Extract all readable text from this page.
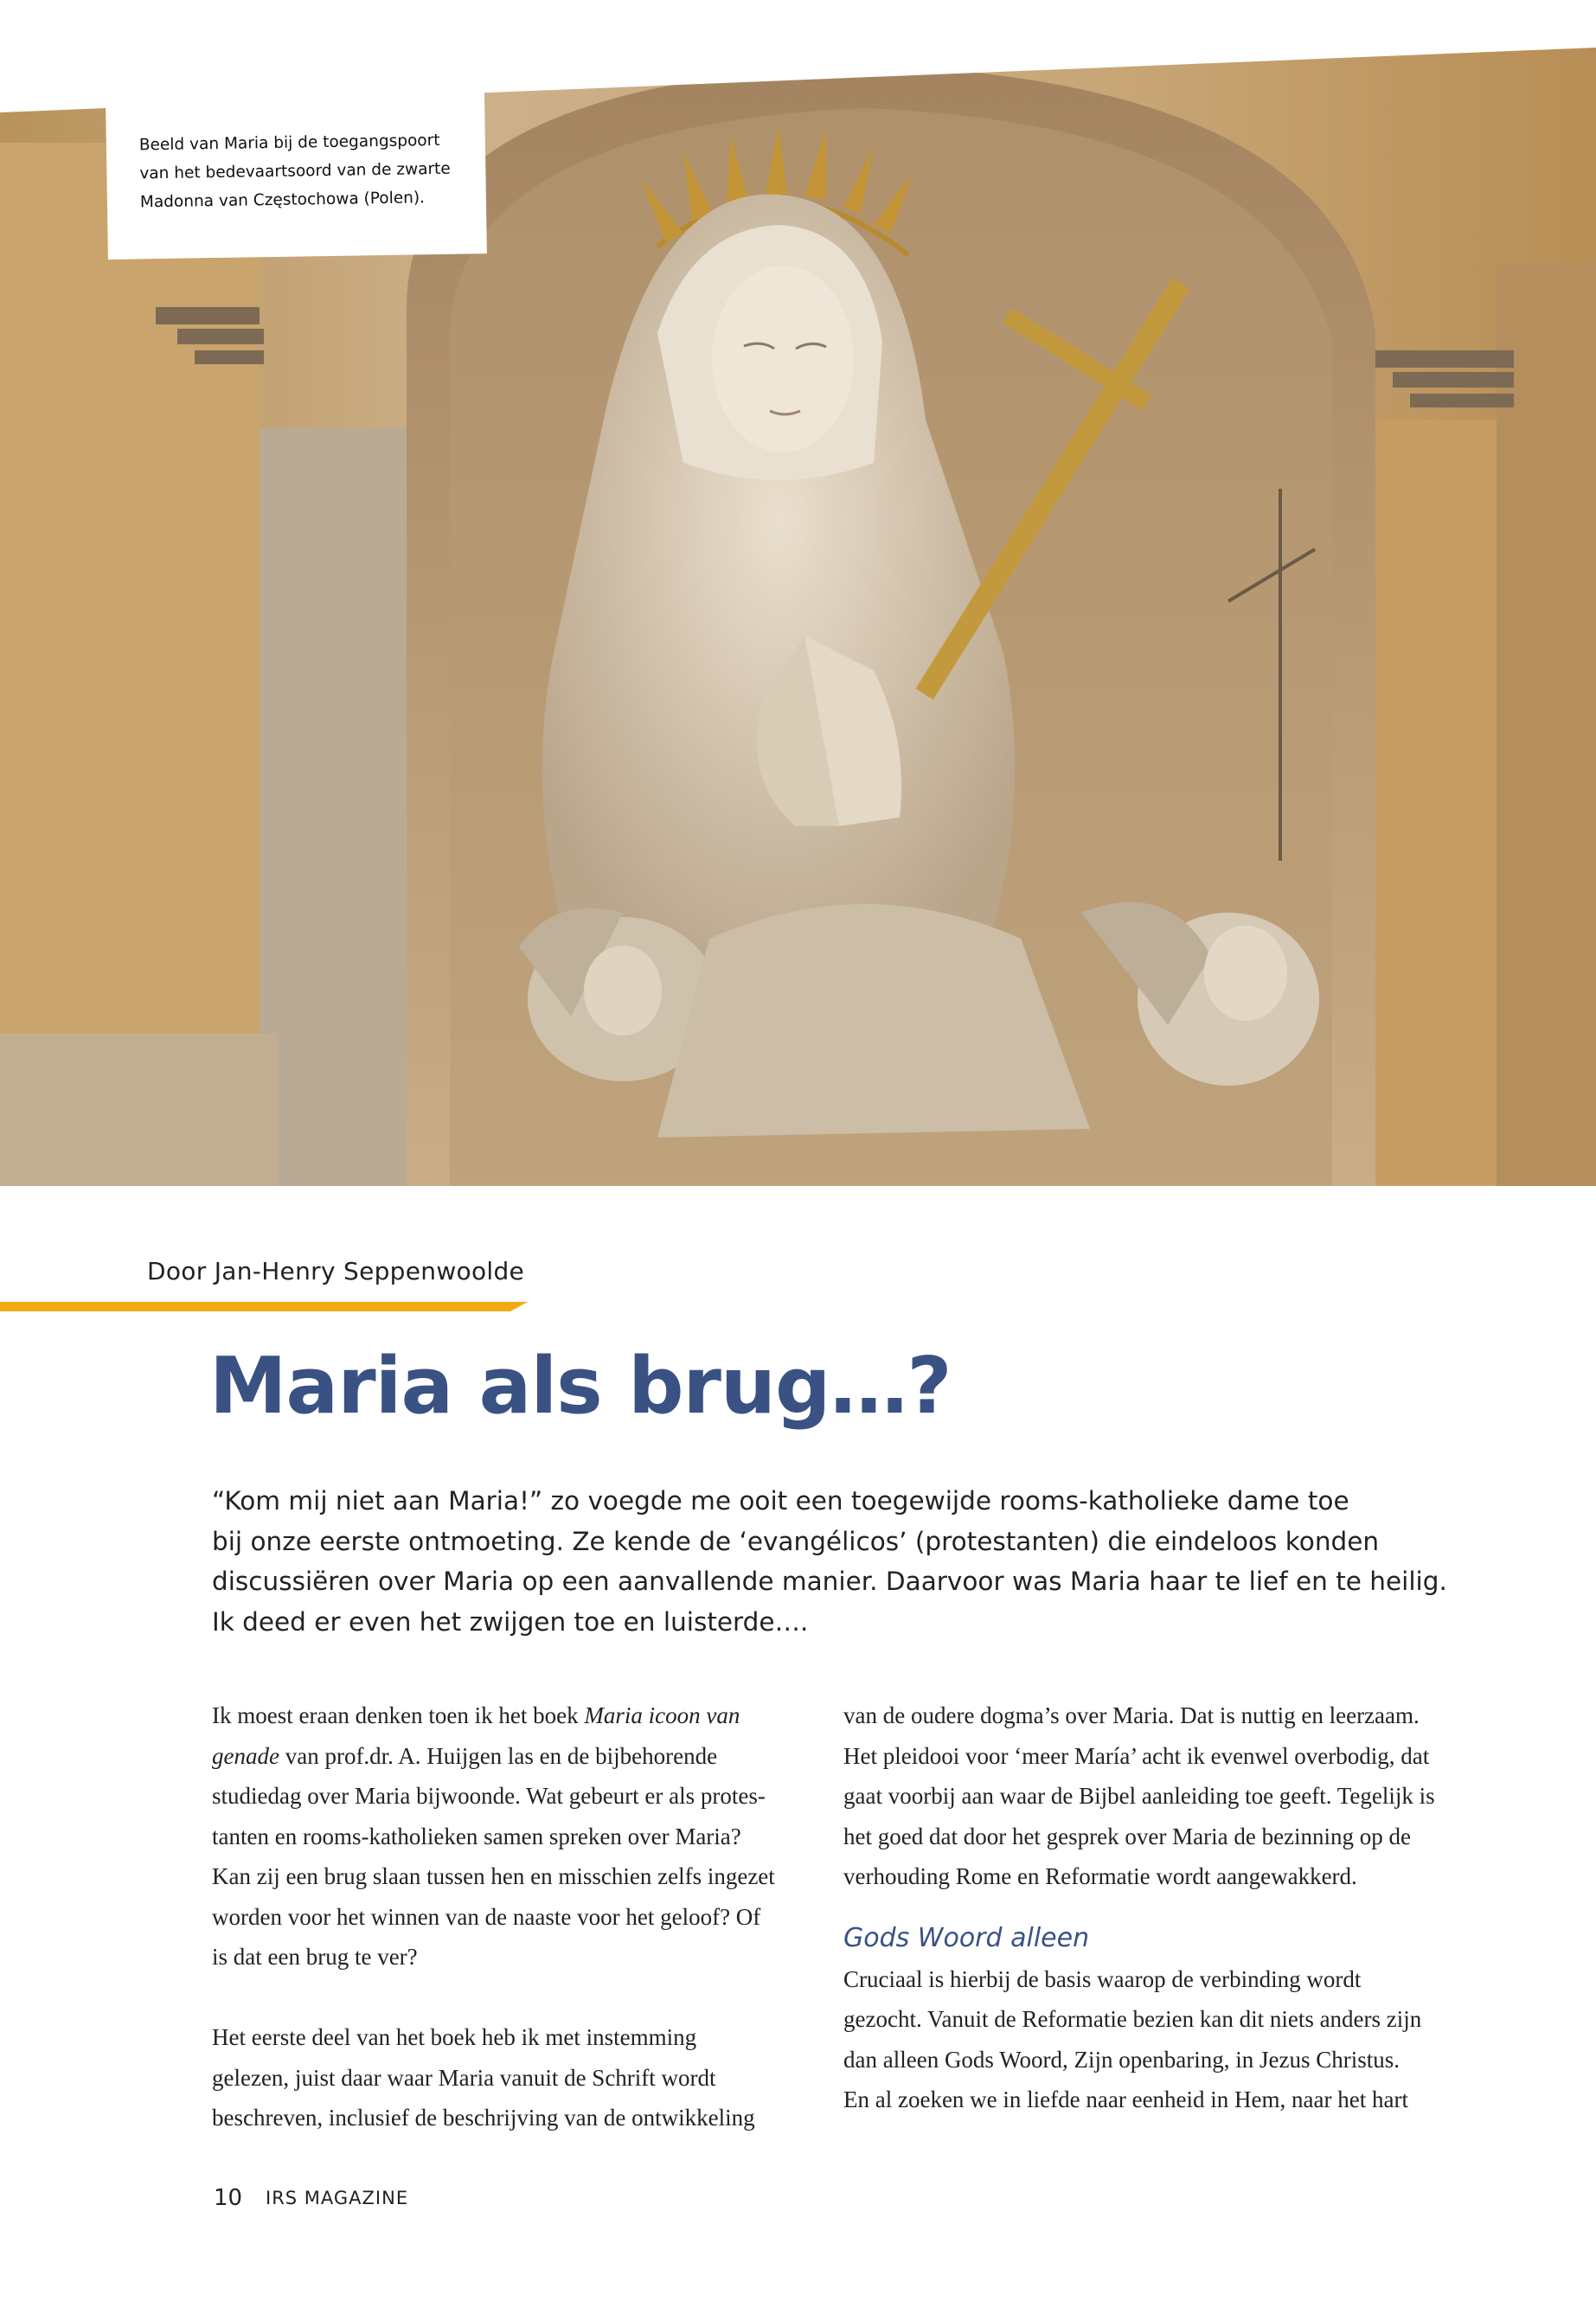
Beeld van Maria bij de toegangspoort
van het bedevaartsoord van de zwarte
Madonna van Częstochowa (Polen).
Door Jan-Henry Seppenwoolde
Maria als brug…?
“Kom mij niet aan Maria!” zo voegde me ooit een toegewijde rooms-katholieke dame toe
bij onze eerste ontmoeting. Ze kende de ‘evangélicos’ (protestanten) die eindeloos konden
discussiëren over Maria op een aanvallende manier. Daarvoor was Maria haar te lief en te heilig.
Ik deed er even het zwijgen toe en luisterde….
Ik moest eraan denken toen ik het boek Maria icoon van
genade van prof.dr. A. Huijgen las en de bijbehorende
studiedag over Maria bijwoonde. Wat gebeurt er als protes-
tanten en rooms-katholieken samen spreken over Maria?
Kan zij een brug slaan tussen hen en misschien zelfs ingezet
worden voor het winnen van de naaste voor het geloof? Of
is dat een brug te ver?
Het eerste deel van het boek heb ik met instemming
gelezen, juist daar waar Maria vanuit de Schrift wordt
beschreven, inclusief de beschrijving van de ontwikkeling
van de oudere dogma’s over Maria. Dat is nuttig en leerzaam.
Het pleidooi voor ‘meer María’ acht ik evenwel overbodig, dat
gaat voorbij aan waar de Bijbel aanleiding toe geeft. Tegelijk is
het goed dat door het gesprek over Maria de bezinning op de
verhouding Rome en Reformatie wordt aangewakkerd.
Gods Woord alleen
Cruciaal is hierbij de basis waarop de verbinding wordt
gezocht. Vanuit de Reformatie bezien kan dit niets anders zijn
dan alleen Gods Woord, Zijn openbaring, in Jezus Christus.
En al zoeken we in liefde naar eenheid in Hem, naar het hart
10 IRS MAGAZINE
